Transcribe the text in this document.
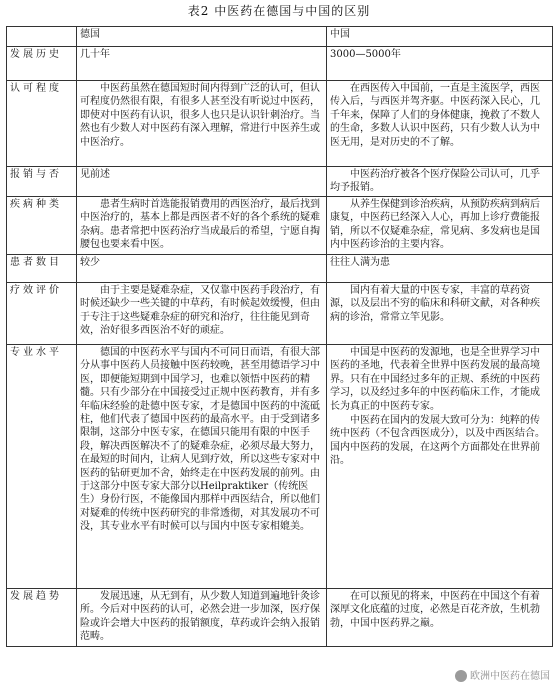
表2 中医药在德国与中国的区别
	德国	中国
发展历史	几十年	3000—5000年

认可程度	中医药虽然在德国短时间内得到广泛的认可，但认可程度仍然很有限，有很多人甚至没有听说过中医药，即使对中医药有认识，很多人也只是认识针刺治疗。当然也有少数人对中医药有深入理解，常进行中医养生或中医治疗。	在西医传入中国前，一直是主流医学，西医传入后，与西医并驾齐驱。中医药深入民心，几千年来，保障了人们的身体健康，挽救了不数人的生命，多数人认识中医药，只有少数人认为中医无用，是对历史的不了解。

报销与否	见前述	中医药治疗被各个医疗保险公司认可，几乎均予报销。

疾病种类	患者生病时首选能报销费用的西医治疗，最后找到中医治疗的，基本上都是西医者不好的各个系统的疑难杂病。患者常把中医药治疗当成最后的希望，宁愿自掏腰包也要来看中医。	从养生保健到诊治疾病，从预防疾病到病后康复，中医药已经深入人心，再加上诊疗费能报销，所以不仅疑难杂症，常见病、多发病也是国内中医药诊治的主要内容。

患者数目	较少	往往人满为患

疗效评价	由于主要是疑难杂症，又仅靠中医药手段治疗，有时候还缺少一些关键的中草药，有时候起效缓慢，但由于专注于这些疑难杂症的研究和治疗，往往能见到奇效，治好很多西医治不好的顽症。	国内有着大量的中医专家，丰富的草药资源，以及层出不穷的临床和科研文献，对各种疾病的诊治，常常立竿见影。

专业水平	德国的中医药水平与国内不可同日而语，有很大部分从事中医药人员接触中医药较晚，甚至用德语学习中医，即便能短期到中国学习，也难以领悟中医药的精髓。只有少部分在中国接受过正规中医药教育，并有多年临床经验的赴德中医专家，才是德国中医药的中流砥柱，他们代表了德国中医药的最高水平。由于受到诸多限制，这部分中医专家，在德国只能用有限的中医手段，解决西医解决不了的疑难杂症，必须尽最大努力，在最短的时间内，让病人见到疗效，所以这些专家对中医药的钻研更加不舍，始终走在中医药发展的前列。由于这部分中医专家大部分以Heilpraktiker（传统医生）身份行医，不能像国内那样中西医结合，所以他们对疑难的传统中医药研究的非常透彻，对其发展功不可没，其专业水平有时候可以与国内中医专家相媲美。	中国是中医药的发源地，也是全世界学习中医药的圣地，代表着全世界中医药发展的最高境界。只有在中国经过多年的正规、系统的中医药学习，以及经过多年的中医药临床工作，才能成长为真正的中医药专家。

中医药在国内的发展大致可分为：纯粹的传统中医药（不包含西医成分），以及中西医结合。国内中医药的发展，在这两个方面都处在世界前沿。

发展趋势	发展迅速，从无到有，从少数人知道到遍地针灸诊所。今后对中医药的认可，必然会进一步加深，医疗保险或许会增大中医药的报销额度，草药或许会纳入报销范畴。	在可以预见的将来，中医药在中国这个有着深厚文化底蕴的过度，必然是百花齐放，生机勃勃，中国中医药界之巅。

欧洲中医药在德国
